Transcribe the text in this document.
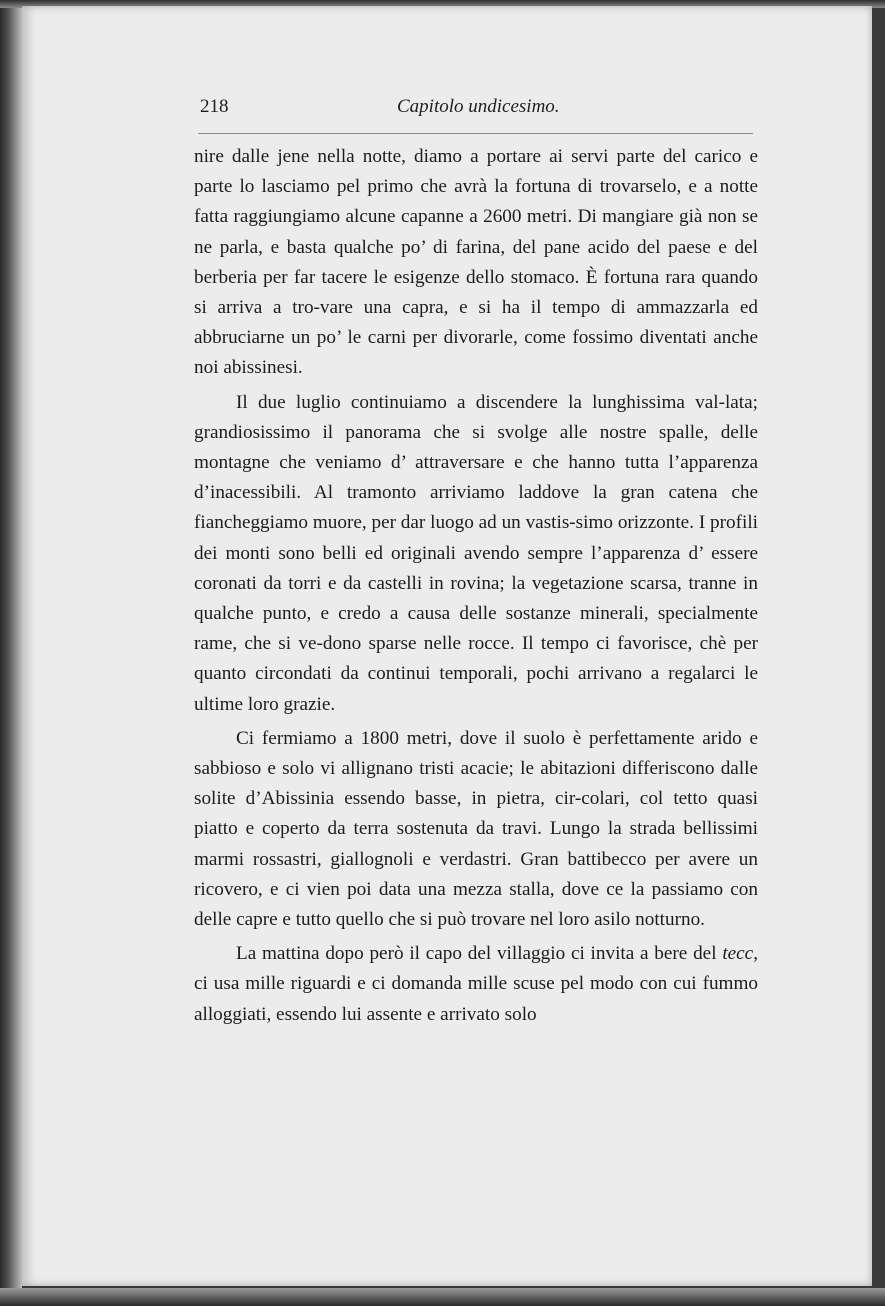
218	Capitolo undicesimo.

nire dalle jene nella notte, diamo a portare ai servi parte del carico e parte lo lasciamo pel primo che avrà la fortuna di trovarselo, e a notte fatta raggiungiamo alcune capanne a 2600 metri. Di mangiare già non se ne parla, e basta qualche po’ di farina, del pane acido del paese e del berberia per far tacere le esigenze dello stomaco. È fortuna rara quando si arriva a tro-vare una capra, e si ha il tempo di ammazzarla ed abbruciarne un po’ le carni per divorarle, come fossimo diventati anche noi abissinesi.

Il due luglio continuiamo a discendere la lunghissima val-lata; grandiosissimo il panorama che si svolge alle nostre spalle, delle montagne che veniamo d’ attraversare e che hanno tutta l’apparenza d’inacessibili. Al tramonto arriviamo laddove la gran catena che fiancheggiamo muore, per dar luogo ad un vastis-simo orizzonte. I profili dei monti sono belli ed originali avendo sempre l’apparenza d’ essere coronati da torri e da castelli in rovina; la vegetazione scarsa, tranne in qualche punto, e credo a causa delle sostanze minerali, specialmente rame, che si ve-dono sparse nelle rocce. Il tempo ci favorisce, chè per quanto circondati da continui temporali, pochi arrivano a regalarci le ultime loro grazie.

Ci fermiamo a 1800 metri, dove il suolo è perfettamente arido e sabbioso e solo vi allignano tristi acacie; le abitazioni differiscono dalle solite d’Abissinia essendo basse, in pietra, cir-colari, col tetto quasi piatto e coperto da terra sostenuta da travi. Lungo la strada bellissimi marmi rossastri, giallognoli e verdastri. Gran battibecco per avere un ricovero, e ci vien poi data una mezza stalla, dove ce la passiamo con delle capre e tutto quello che si può trovare nel loro asilo notturno.

La mattina dopo però il capo del villaggio ci invita a bere del tecc, ci usa mille riguardi e ci domanda mille scuse pel modo con cui fummo alloggiati, essendo lui assente e arrivato solo
